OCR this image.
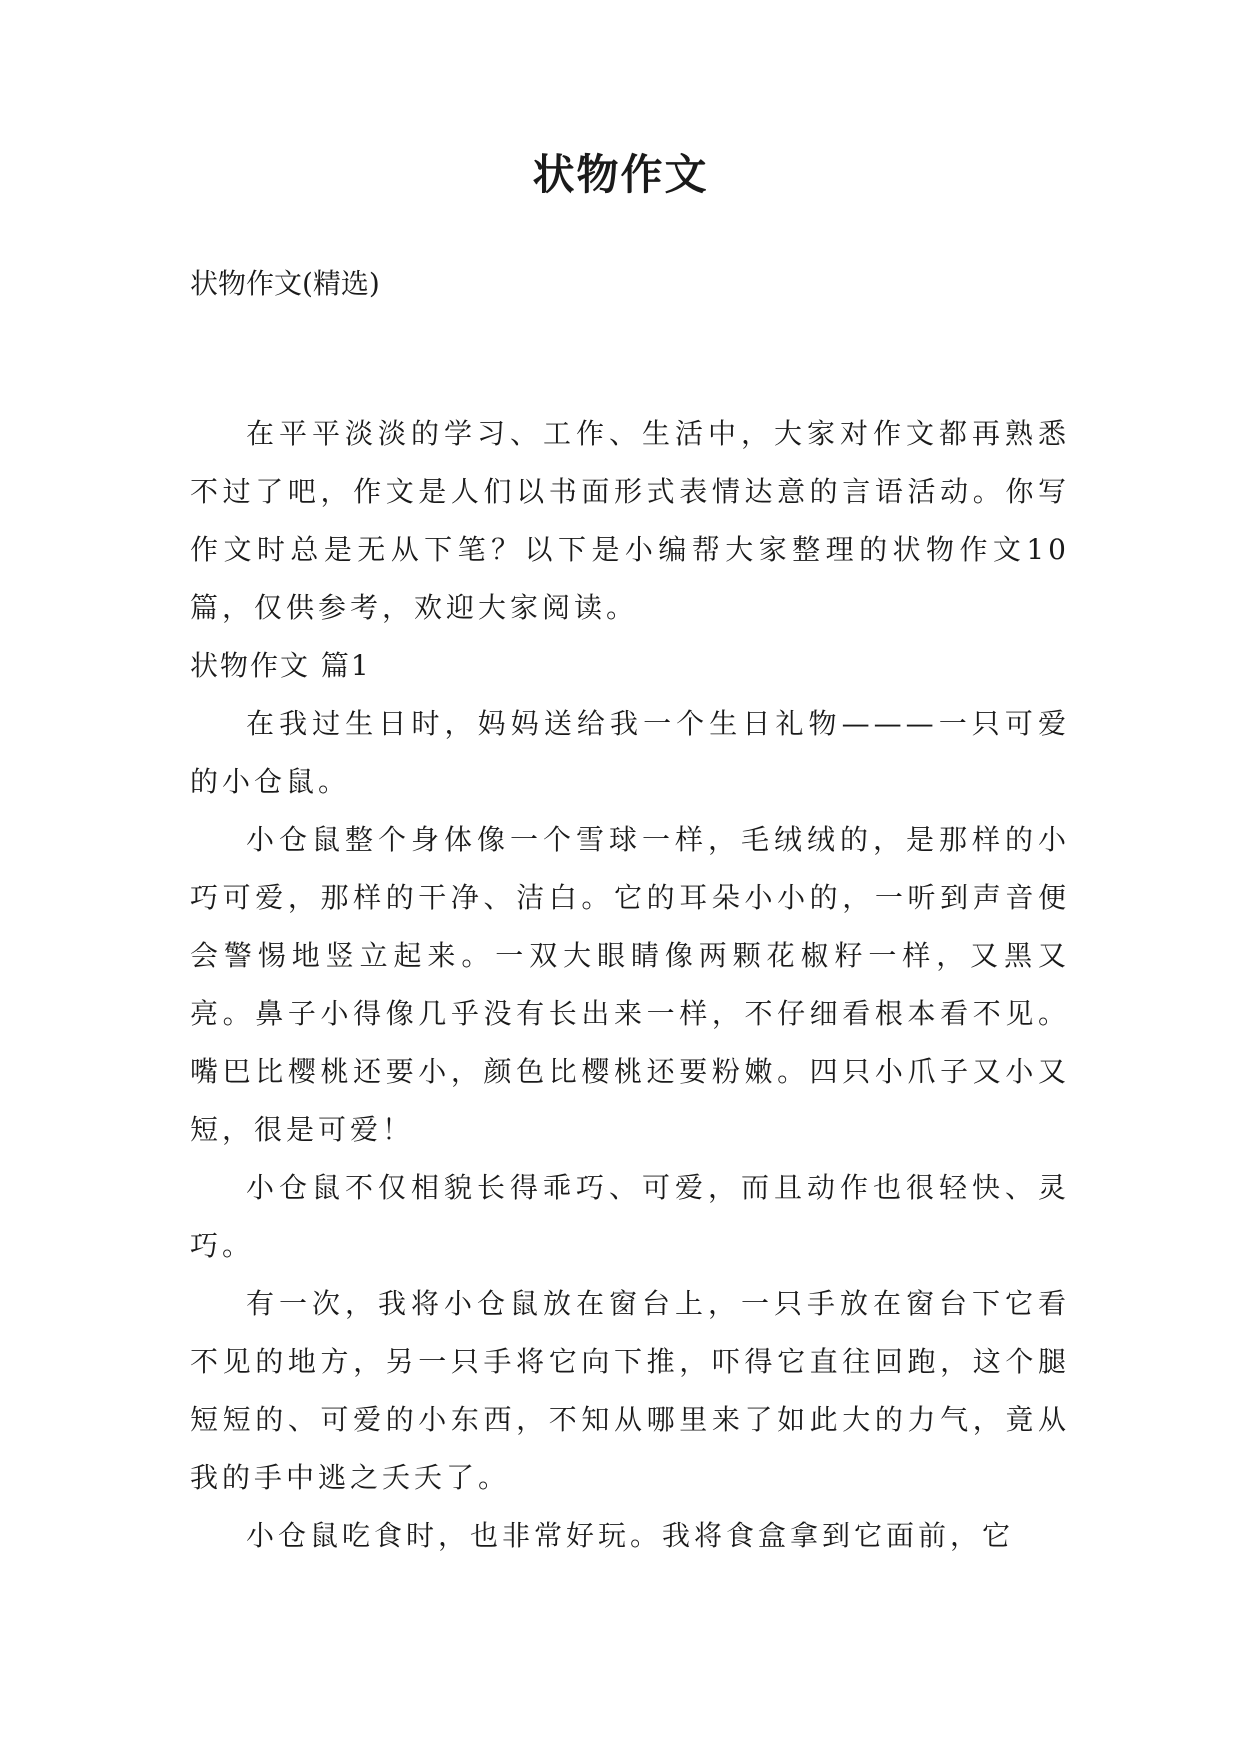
状物作文
状物作文(精选)

在平平淡淡的学习、工作、生活中，大家对作文都再熟悉不过了吧，作文是人们以书面形式表情达意的言语活动。你写作文时总是无从下笔？以下是小编帮大家整理的状物作文10篇，仅供参考，欢迎大家阅读。

状物作文 篇1

在我过生日时，妈妈送给我一个生日礼物———一只可爱的小仓鼠。

小仓鼠整个身体像一个雪球一样，毛绒绒的，是那样的小巧可爱，那样的干净、洁白。它的耳朵小小的，一听到声音便会警惕地竖立起来。一双大眼睛像两颗花椒籽一样，又黑又亮。鼻子小得像几乎没有长出来一样，不仔细看根本看不见。嘴巴比樱桃还要小，颜色比樱桃还要粉嫩。四只小爪子又小又短，很是可爱！

小仓鼠不仅相貌长得乖巧、可爱，而且动作也很轻快、灵巧。

有一次，我将小仓鼠放在窗台上，一只手放在窗台下它看不见的地方，另一只手将它向下推，吓得它直往回跑，这个腿短短的、可爱的小东西，不知从哪里来了如此大的力气，竟从我的手中逃之夭夭了。

小仓鼠吃食时，也非常好玩。我将食盒拿到它面前，它
